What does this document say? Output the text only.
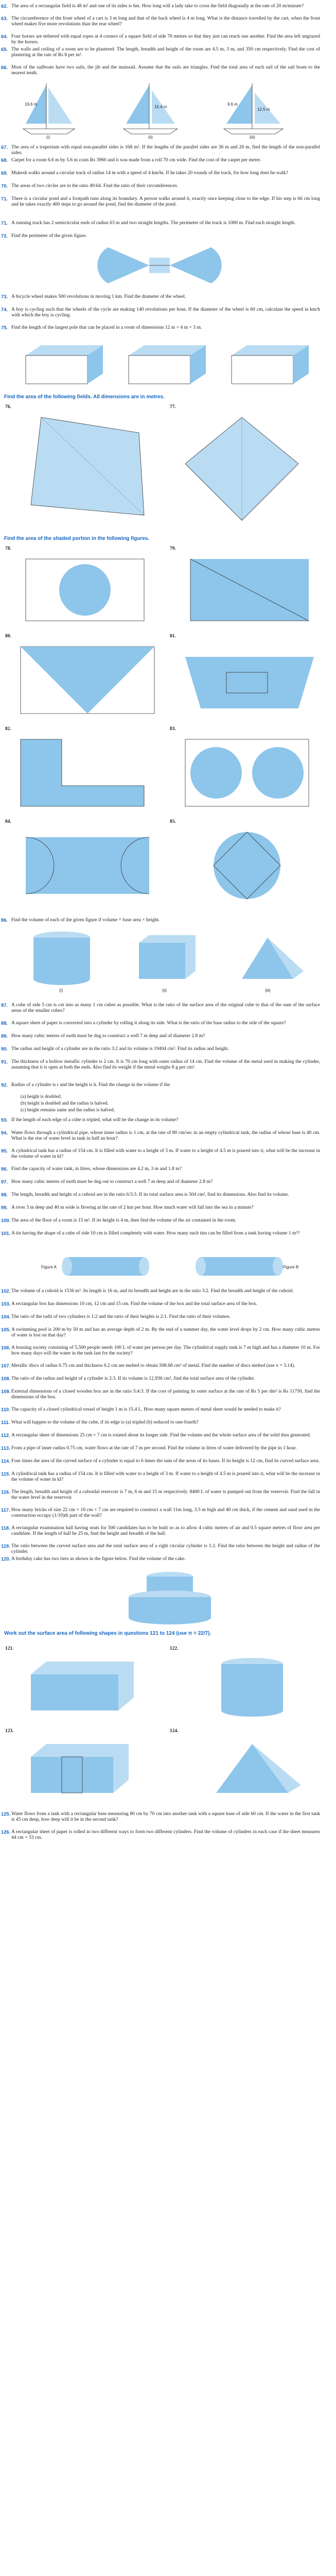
62. The area of a rectangular field is 48 m² and one of its sides is 6m. How long will a lady take to cross the field diagonally at the rate of 20 m/minute?
63. The circumference of the front wheel of a cart is 3 m long and that of the back wheel is 4 m long. What is the distance travelled by the cart, when the front wheel makes five more revolutions than the rear wheel?
64. Four horses are tethered with equal ropes at 4 corners of a square field of side 70 metres so that they just can reach one another. Find the area left ungrazed by the horses.
65. The walls and ceiling of a room are to be plastered. The length, breadth and height of the room are 4.5 m, 3 m, and 350 cm respectively. Find the cost of plastering at the rate of Rs 8 per m².
66. Most of the sailboats have two sails, the jib and the mainsail. Assume that the sails are triangles. Find the total area of each sail of the sail boats to the nearest tenth.
(i)
19.6 m
(ii)
15.4 m
(iii)
12.5 m
9.6 m
67. The area of a trapezium with equal non-parallel sides is 168 m². If the lengths of the parallel sides are 36 m and 20 m, find the length of the non-parallel sides.
68. Carpet for a room 6.6 m by 5.6 m costs Rs 3960 and it was made from a roll 70 cm wide. Find the cost of the carpet per metre.
69. Mukesh walks around a circular track of radius 14 m with a speed of 4 km/hr. If he takes 20 rounds of the track, for how long does he walk?
70. The areas of two circles are in the ratio 49:64. Find the ratio of their circumferences.
71. There is a circular pond and a footpath runs along its boundary. A person walks around it, exactly once keeping close to the edge. If his step is 66 cm long and he takes exactly 400 steps to go around the pond, find the diameter of the pond.
71. A running track has 2 semicircular ends of radius 63 m and two straight lengths. The perimeter of the track is 1000 m. Find each straight length.
72. Find the perimeter of the given figure.
73. A bicycle wheel makes 500 revolutions in moving 1 km. Find the diameter of the wheel.
74. A boy is cycling such that the wheels of the cycle are making 140 revolutions per hour. If the diameter of the wheel is 60 cm, calculate the speed in km/h with which the boy is cycling.
75. Find the length of the largest pole that can be placed in a room of dimensions 12 m × 4 m × 3 m.
Find the area of the following fields. All dimensions are in metres.
76.	77.
Find the area of the shaded portion in the following figures.
78.	79.
80.	81.
82.	83.
84.	85.
86. Find the volume of each of the given figure if volume = base area × height.
(i)	(ii)	(iii)
87. A cube of side 5 cm is cut into as many 1 cm cubes as possible. What is the ratio of the surface area of the original cube to that of the sum of the surface areas of the smaller cubes?
88. A square sheet of paper is converted into a cylinder by rolling it along its side. What is the ratio of the base radius to the side of the square?
89. How many cubic metres of earth must be dug to construct a well 7 m deep and of diameter 2.8 m?
90. The radius and height of a cylinder are in the ratio 3:2 and its volume is 19404 cm³. Find its radius and height.
91. The thickness of a hollow metallic cylinder is 2 cm. It is 70 cm long with outer radius of 14 cm. Find the volume of the metal used in making the cylinder, assuming that it is open at both the ends. Also find its weight if the metal weighs 8 g per cm³.
92. Radius of a cylinder is r and the height is h. Find the change in the volume if the
(a) height is doubled.
(b) height is doubled and the radius is halved.
(c) height remains same and the radius is halved.
93. If the length of each edge of a cube is tripled, what will be the change in its volume?
94. Water flows through a cylindrical pipe, whose inner radius is 1 cm, at the rate of 80 cm/sec in an empty cylindrical tank, the radius of whose base is 40 cm. What is the rise of water level in tank in half an hour?
95. A cylindrical tank has a radius of 154 cm. It is filled with water to a height of 3 m. If water to a height of 4.5 m is poured into it, what will be the increase in the volume of water in kl?
96. Find the capacity of water tank, in litres, whose dimensions are 4.2 m, 3 m and 1.8 m?
97. How many cubic metres of earth must be dug out to construct a well 7 m deep and of diameter 2.8 m?
98. The length, breadth and height of a cuboid are in the ratio 6:5:3. If its total surface area is 504 cm², find its dimensions. Also find its volume.
99. A river 3 m deep and 40 m wide is flowing at the rate of 2 km per hour. How much water will fall into the sea in a minute?
100. The area of the floor of a room is 15 m². If its height is 4 m, then find the volume of the air contained in the room.
101. A tin having the shape of a cube of side 10 cm is filled completely with water. How many such tins can be filled from a tank having volume 1 m³?
Figure A	Figure B
102. The volume of a cuboid is 1536 m³. Its length is 16 m, and its breadth and height are in the ratio 3:2. Find the breadth and height of the cuboid.
103. A rectangular box has dimensions 10 cm, 12 cm and 15 cm. Find the volume of the box and the total surface area of the box.
104. The ratio of the radii of two cylinders is 1:2 and the ratio of their heights is 2:1. Find the ratio of their volumes.
105. A swimming pool is 200 m by 50 m and has an average depth of 2 m. By the end of a summer day, the water level drops by 2 cm. How many cubic metres of water is lost on that day?
106. A housing society consisting of 5,500 people needs 100 L of water per person per day. The cylindrical supply tank is 7 m high and has a diameter 10 m. For how many days will the water in the tank last for the society?
107. Metallic discs of radius 0.75 cm and thickness 0.2 cm are melted to obtain 508.68 cm³ of metal. Find the number of discs melted (use π = 3.14).
108. The ratio of the radius and height of a cylinder is 2:3. If its volume is 12,936 cm³, find the total surface area of the cylinder.
109. External dimensions of a closed wooden box are in the ratio 5:4:3. If the cost of painting its outer surface at the rate of Rs 5 per dm² is Rs 11750, find the dimensions of the box.
110. The capacity of a closed cylindrical vessel of height 1 m is 15.4 L. How many square metres of metal sheet would be needed to make it?
111. What will happen to the volume of the cube, if its edge is (a) tripled (b) reduced to one-fourth?
112. A rectangular sheet of dimensions 25 cm × 7 cm is rotated about its longer side. Find the volume and the whole surface area of the solid thus generated.
113. From a pipe of inner radius 0.75 cm, water flows at the rate of 7 m per second. Find the volume in litres of water delivered by the pipe in 1 hour.
114. Four times the area of the curved surface of a cylinder is equal to 6 times the sum of the areas of its bases. If its height is 12 cm, find its curved surface area.
115. A cylindrical tank has a radius of 154 cm. It is filled with water to a height of 3 m. If water to a height of 4.5 m is poured into it, what will be the increase in the volume of water in kl?
116. The length, breadth and height of a cuboidal reservoir is 7 m, 6 m and 15 m respectively. 8400 L of water is pumped out from the reservoir. Find the fall in the water level in the reservoir.
117. How many bricks of size 22 cm × 10 cm × 7 cm are required to construct a wall 11m long, 3.5 m high and 40 cm thick, if the cement and sand used in the construction occupy (1/10)th part of the wall?
118. A rectangular examination hall having seats for 500 candidates has to be built so as to allow 4 cubic metres of air and 0.5 square metres of floor area per candidate. If the length of hall be 25 m, find the height and breadth of the hall.
119. The ratio between the curved surface area and the total surface area of a right circular cylinder is 1:2. Find the ratio between the height and radius of the cylinder.
120. A birthday cake has two tiers as shown in the figure below. Find the volume of the cake.
Work out the surface area of following shapes in questions 121 to 124 (use π = 22/7).
121.	122.
123.	124.
125. Water flows from a tank with a rectangular base measuring 80 cm by 70 cm into another tank with a square base of side 60 cm. If the water in the first tank is 45 cm deep, how deep will it be in the second tank?
126. A rectangular sheet of paper is rolled in two different ways to form two different cylinders. Find the volume of cylinders in each case if the sheet measures 44 cm × 33 cm.
